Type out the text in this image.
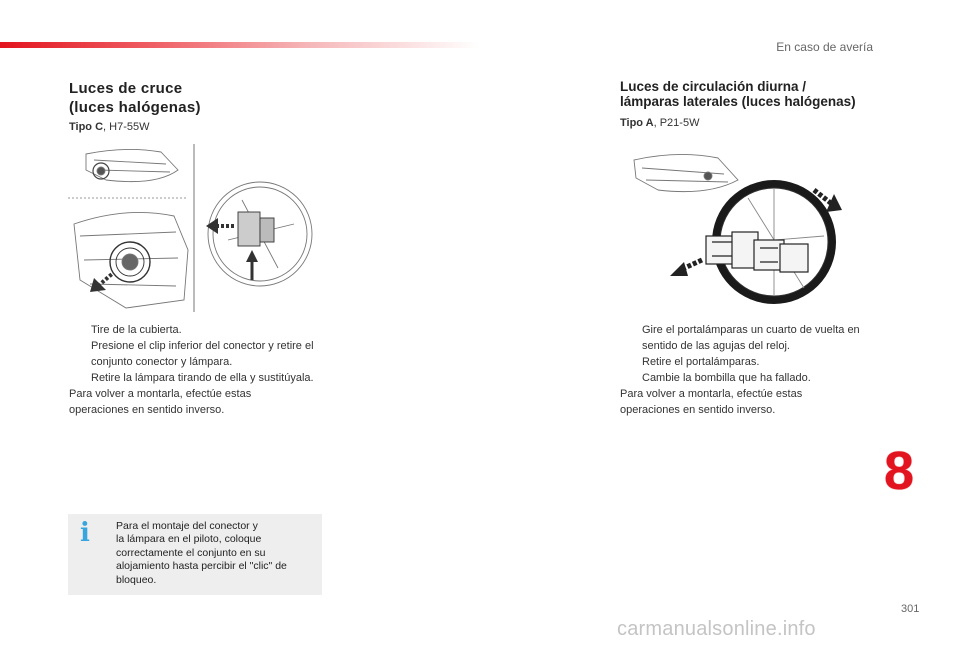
En caso de avería
Luces de cruce
(luces halógenas)
Tipo C, H7-55W
Tire de la cubierta.
Presione el clip inferior del conector y retire el conjunto conector y lámpara.
Retire la lámpara tirando de ella y sustitúyala.
Para volver a montarla, efectúe estas
operaciones en sentido inverso.
i Para el montaje del conector y
la lámpara en el piloto, coloque
correctamente el conjunto en su
alojamiento hasta percibir el "clic" de
bloqueo.
Luces de circulación diurna /
lámparas laterales (luces halógenas)
Tipo A, P21-5W
Gire el portalámparas un cuarto de vuelta en sentido de las agujas del reloj.
Retire el portalámparas.
Cambie la bombilla que ha fallado.
Para volver a montarla, efectúe estas
operaciones en sentido inverso.
8
301
carmanualsonline.info
